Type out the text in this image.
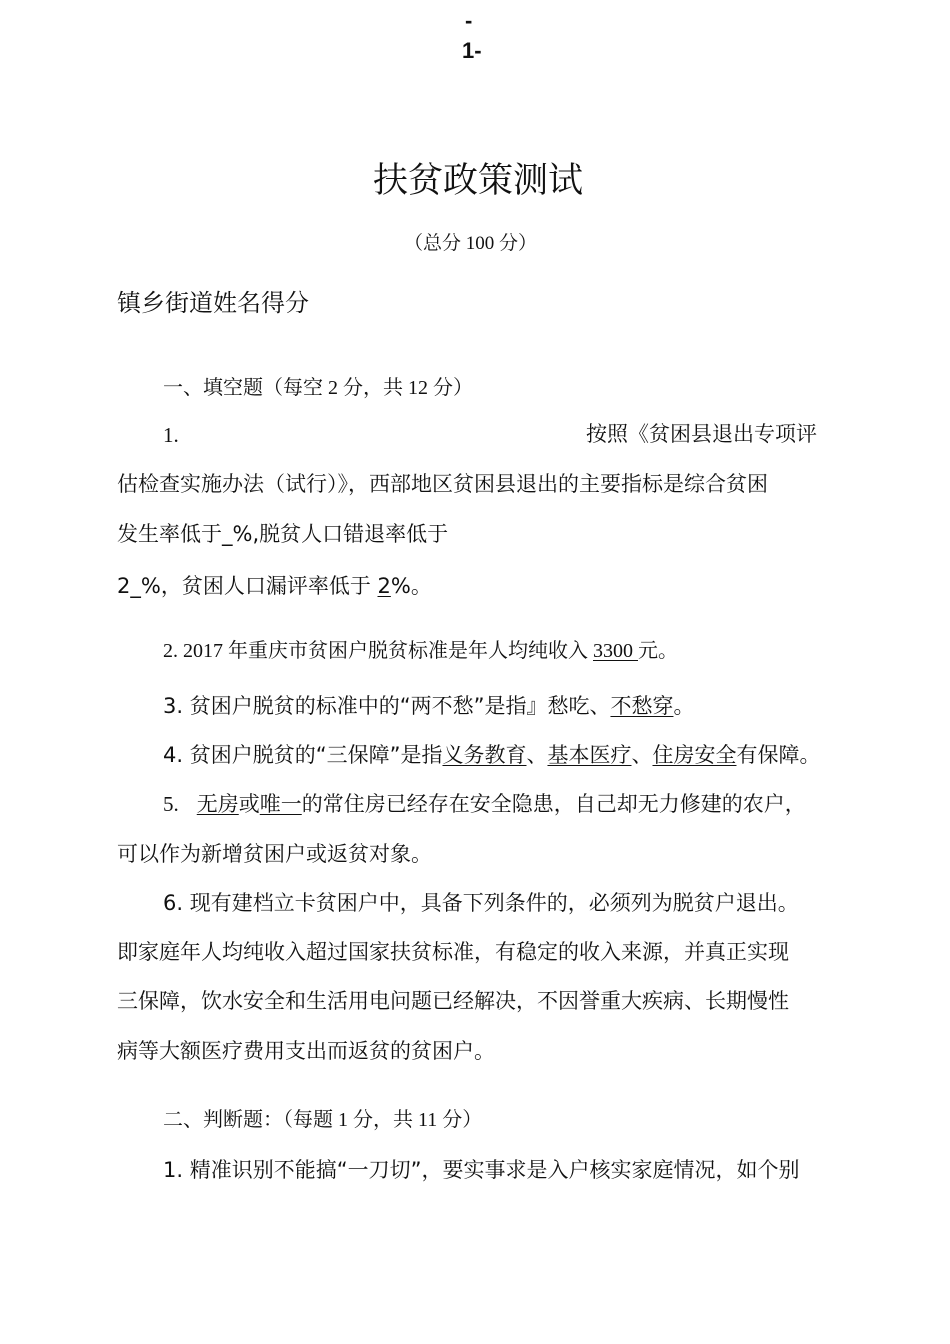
-
1-
扶贫政策测试
（总分 100 分）
镇乡街道姓名得分
一、填空题（每空 2 分，共 12 分）
1.	按照《贫困县退出专项评
估检查实施办法（试行）》，西部地区贫困县退出的主要指标是综合贫困
发生率低于_%,脱贫人口错退率低于
2_%，贫困人口漏评率低于 2%。
2. 2017 年重庆市贫困户脱贫标准是年人均纯收入 3300 元。
3. 贫困户脱贫的标准中的“两不愁”是指』愁吃、不愁穿。
4. 贫困户脱贫的“三保障”是指义务教育、基本医疗、住房安全有保障。
5. 无房或唯一的常住房已经存在安全隐患，自己却无力修建的农户，
可以作为新增贫困户或返贫对象。
6. 现有建档立卡贫困户中，具备下列条件的，必须列为脱贫户退出。
即家庭年人均纯收入超过国家扶贫标准，有稳定的收入来源，并真正实现
三保障，饮水安全和生活用电问题已经解决，不因誉重大疾病、长期慢性
病等大额医疗费用支出而返贫的贫困户。
二、判断题：（每题 1 分，共 11 分）
1. 精准识别不能搞“一刀切”，要实事求是入户核实家庭情况，如个别
